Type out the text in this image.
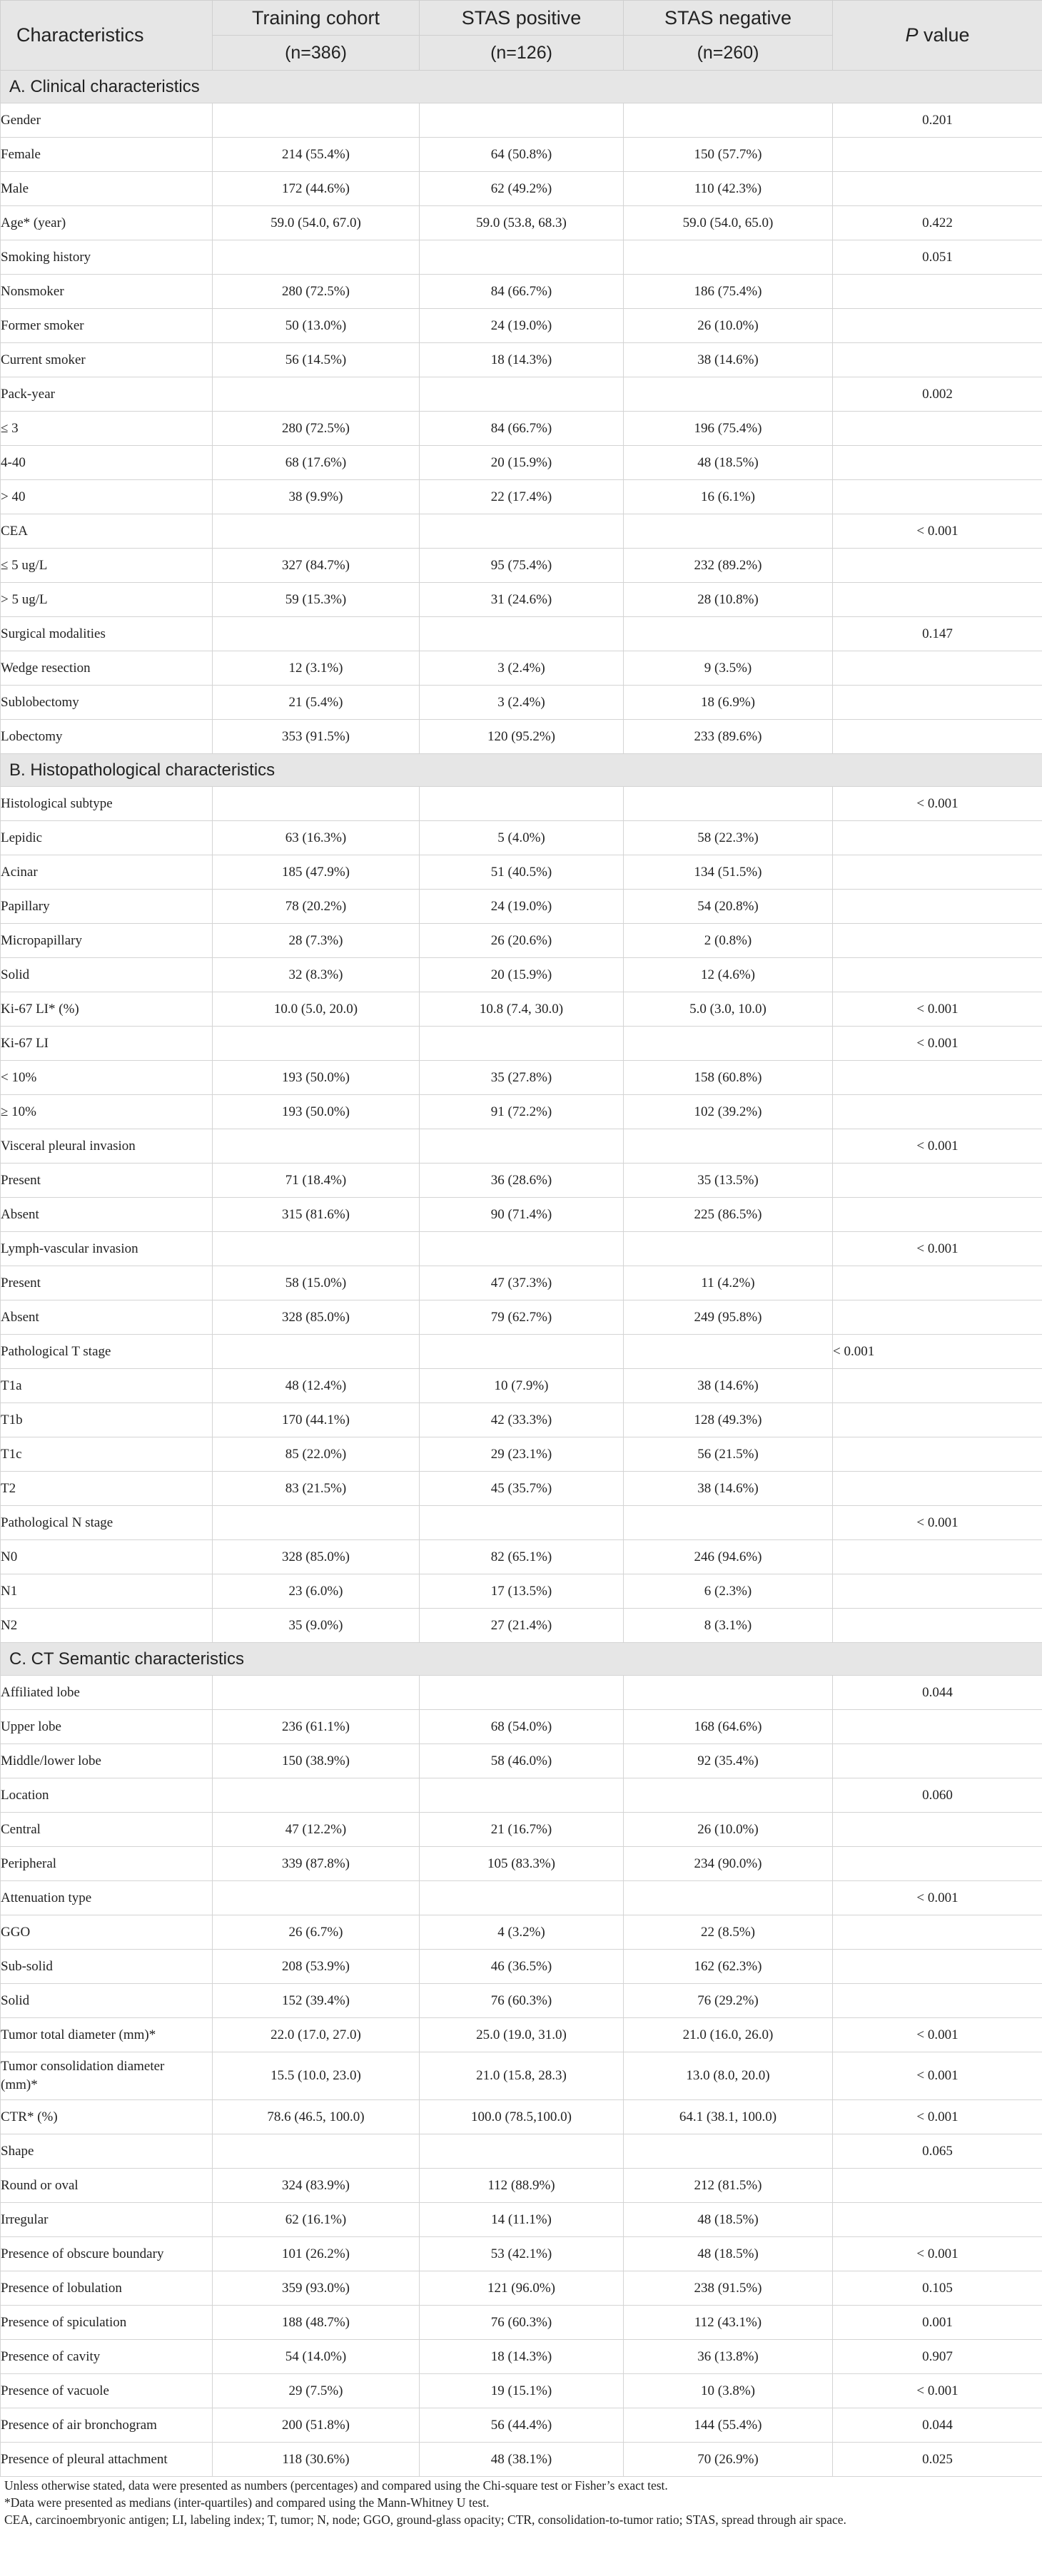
Characteristics	Training cohort	STAS positive	STAS negative	P value
	(n=386)	(n=126)	(n=260)	
A. Clinical characteristics				
Gender				0.201
Female	214 (55.4%)	64 (50.8%)	150 (57.7%)	
Male	172 (44.6%)	62 (49.2%)	110 (42.3%)	
Age* (year)	59.0 (54.0, 67.0)	59.0 (53.8, 68.3)	59.0 (54.0, 65.0)	0.422
Smoking history				0.051
Nonsmoker	280 (72.5%)	84 (66.7%)	186 (75.4%)	
Former smoker	50 (13.0%)	24 (19.0%)	26 (10.0%)	
Current smoker	56 (14.5%)	18 (14.3%)	38 (14.6%)	
Pack-year				0.002
≤ 3	280 (72.5%)	84 (66.7%)	196 (75.4%)	
4-40	68 (17.6%)	20 (15.9%)	48 (18.5%)	
> 40	38 (9.9%)	22 (17.4%)	16 (6.1%)	
CEA				< 0.001
≤ 5 ug/L	327 (84.7%)	95 (75.4%)	232 (89.2%)	
> 5 ug/L	59 (15.3%)	31 (24.6%)	28 (10.8%)	
Surgical modalities				0.147
Wedge resection	12 (3.1%)	3 (2.4%)	9 (3.5%)	
Sublobectomy	21 (5.4%)	3 (2.4%)	18 (6.9%)	
Lobectomy	353 (91.5%)	120 (95.2%)	233 (89.6%)	
B. Histopathological characteristics				
Histological subtype				< 0.001
Lepidic	63 (16.3%)	5 (4.0%)	58 (22.3%)	
Acinar	185 (47.9%)	51 (40.5%)	134 (51.5%)	
Papillary	78 (20.2%)	24 (19.0%)	54 (20.8%)	
Micropapillary	28 (7.3%)	26 (20.6%)	2 (0.8%)	
Solid	32 (8.3%)	20 (15.9%)	12 (4.6%)	
Ki-67 LI* (%)	10.0 (5.0, 20.0)	10.8 (7.4, 30.0)	5.0 (3.0, 10.0)	< 0.001
Ki-67 LI				< 0.001
< 10%	193 (50.0%)	35 (27.8%)	158 (60.8%)	
≥ 10%	193 (50.0%)	91 (72.2%)	102 (39.2%)	
Visceral pleural invasion				< 0.001
Present	71 (18.4%)	36 (28.6%)	35 (13.5%)	
Absent	315 (81.6%)	90 (71.4%)	225 (86.5%)	
Lymph-vascular invasion				< 0.001
Present	58 (15.0%)	47 (37.3%)	11 (4.2%)	
Absent	328 (85.0%)	79 (62.7%)	249 (95.8%)	
Pathological T stage				< 0.001
T1a	48 (12.4%)	10 (7.9%)	38 (14.6%)	
T1b	170 (44.1%)	42 (33.3%)	128 (49.3%)	
T1c	85 (22.0%)	29 (23.1%)	56 (21.5%)	
T2	83 (21.5%)	45 (35.7%)	38 (14.6%)	
Pathological N stage				< 0.001
N0	328 (85.0%)	82 (65.1%)	246 (94.6%)	
N1	23 (6.0%)	17 (13.5%)	6 (2.3%)	
N2	35 (9.0%)	27 (21.4%)	8 (3.1%)	
C. CT Semantic characteristics				
Affiliated lobe				0.044
Upper lobe	236 (61.1%)	68 (54.0%)	168 (64.6%)	
Middle/lower lobe	150 (38.9%)	58 (46.0%)	92 (35.4%)	
Location				0.060
Central	47 (12.2%)	21 (16.7%)	26 (10.0%)	
Peripheral	339 (87.8%)	105 (83.3%)	234 (90.0%)	
Attenuation type				< 0.001
GGO	26 (6.7%)	4 (3.2%)	22 (8.5%)	
Sub-solid	208 (53.9%)	46 (36.5%)	162 (62.3%)	
Solid	152 (39.4%)	76 (60.3%)	76 (29.2%)	
Tumor total diameter (mm)*	22.0 (17.0, 27.0)	25.0 (19.0, 31.0)	21.0 (16.0, 26.0)	< 0.001

Tumor consolidation diameter
(mm)*	15.5 (10.0, 23.0)	21.0 (15.8, 28.3)	13.0 (8.0, 20.0)	< 0.001
CTR* (%)	78.6 (46.5, 100.0)	100.0 (78.5,100.0)	64.1 (38.1, 100.0)	< 0.001
Shape				0.065
Round or oval	324 (83.9%)	112 (88.9%)	212 (81.5%)	
Irregular	62 (16.1%)	14 (11.1%)	48 (18.5%)	
Presence of obscure boundary	101 (26.2%)	53 (42.1%)	48 (18.5%)	< 0.001
Presence of lobulation	359 (93.0%)	121 (96.0%)	238 (91.5%)	0.105
Presence of spiculation	188 (48.7%)	76 (60.3%)	112 (43.1%)	0.001
Presence of cavity	54 (14.0%)	18 (14.3%)	36 (13.8%)	0.907
Presence of vacuole	29 (7.5%)	19 (15.1%)	10 (3.8%)	< 0.001
Presence of air bronchogram	200 (51.8%)	56 (44.4%)	144 (55.4%)	0.044
Presence of pleural attachment	118 (30.6%)	48 (38.1%)	70 (26.9%)	0.025
Unless otherwise stated, data were presented as numbers (percentages) and compared using the Chi-square test or Fisher’s exact test.
*Data were presented as medians (inter-quartiles) and compared using the Mann-Whitney U test.
CEA, carcinoembryonic antigen; LI, labeling index; T, tumor; N, node; GGO, ground-glass opacity; CTR, consolidation-to-tumor ratio; STAS, spread through air space.
